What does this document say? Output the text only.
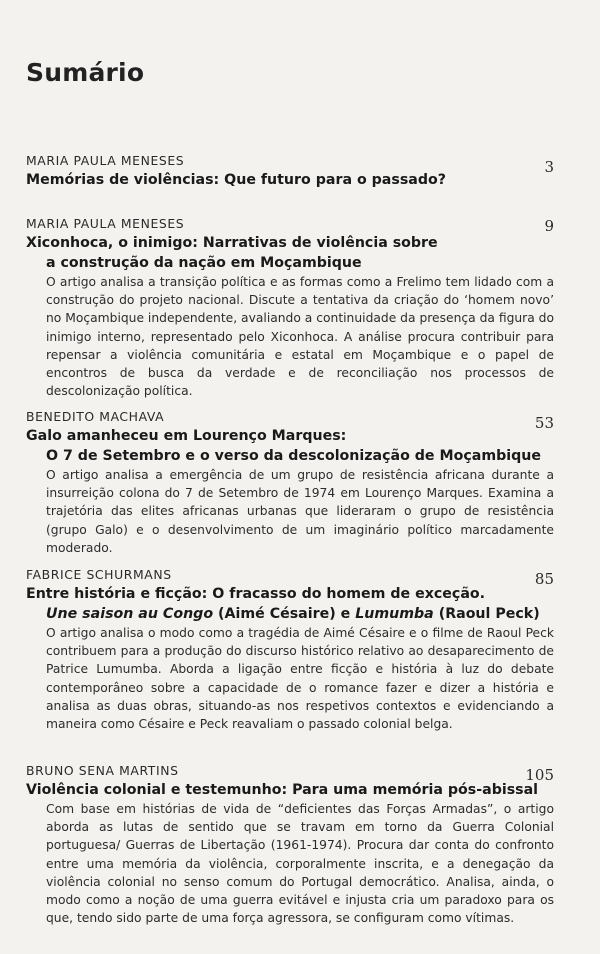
Sumário
MARIA PAULA MENESES	3
Memórias de violências: Que futuro para o passado?
MARIA PAULA MENESES	9
Xiconhoca, o inimigo: Narrativas de violência sobre
a construção da nação em Moçambique
O artigo analisa a transição política e as formas como a Frelimo tem lidado com a construção do projeto nacional. Discute a tentativa da criação do ‘homem novo’ no Moçambique independente, avaliando a continuidade da presença da figura do inimigo interno, representado pelo Xiconhoca. A análise procura contribuir para repensar a violência comunitária e estatal em Moçambique e o papel de encontros de busca da verdade e de reconciliação nos processos de descolonização política.
BENEDITO MACHAVA	53
Galo amanheceu em Lourenço Marques:
O 7 de Setembro e o verso da descolonização de Moçambique
O artigo analisa a emergência de um grupo de resistência africana durante a insurreição colona do 7 de Setembro de 1974 em Lourenço Marques. Examina a trajetória das elites africanas urbanas que lideraram o grupo de resistência (grupo Galo) e o desenvolvimento de um imaginário político marcadamente moderado.
FABRICE SCHURMANS	85
Entre história e ficção: O fracasso do homem de exceção.
Une saison au Congo (Aimé Césaire) e Lumumba (Raoul Peck)
O artigo analisa o modo como a tragédia de Aimé Césaire e o filme de Raoul Peck contribuem para a produção do discurso histórico relativo ao desaparecimento de Patrice Lumumba. Aborda a ligação entre ficção e história à luz do debate contemporâneo sobre a capacidade de o romance fazer e dizer a história e analisa as duas obras, situando-as nos respetivos contextos e evidenciando a maneira como Césaire e Peck reavaliam o passado colonial belga.
BRUNO SENA MARTINS	105
Violência colonial e testemunho: Para uma memória pós-abissal
Com base em histórias de vida de “deficientes das Forças Armadas”, o artigo aborda as lutas de sentido que se travam em torno da Guerra Colonial portuguesa/ Guerras de Libertação (1961-1974). Procura dar conta do confronto entre uma memória da violência, corporalmente inscrita, e a denegação da violência colonial no senso comum do Portugal democrático. Analisa, ainda, o modo como a noção de uma guerra evitável e injusta cria um paradoxo para os que, tendo sido parte de uma força agressora, se configuram como vítimas.
